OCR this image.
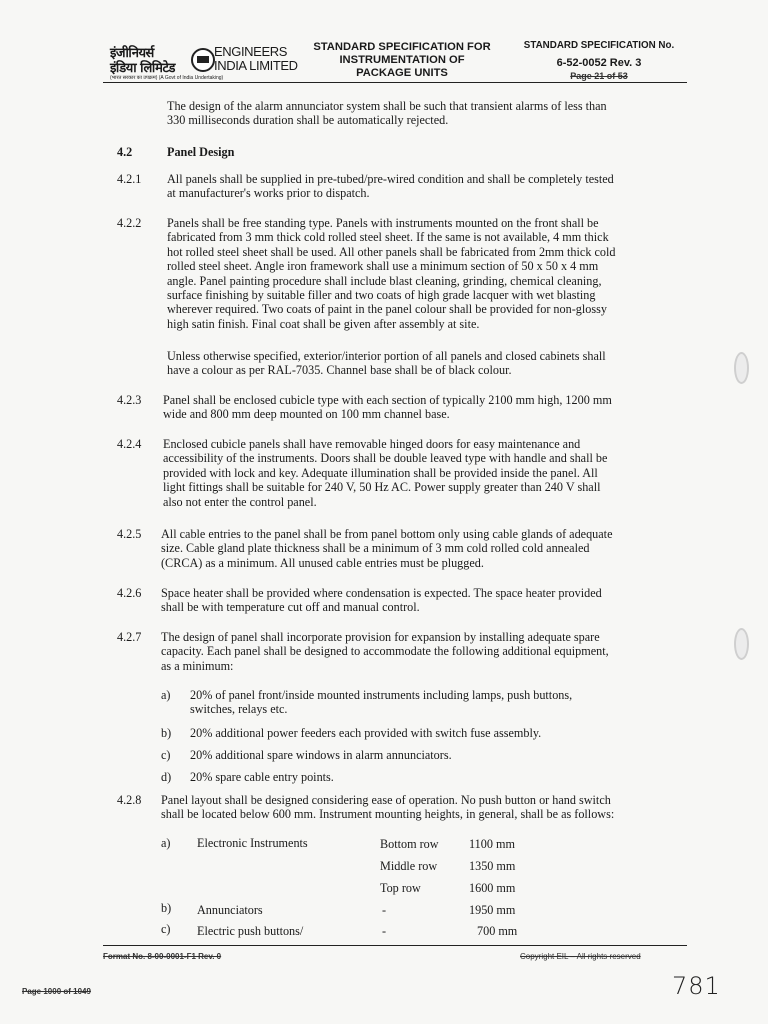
इंजीनियर्स
इंडिया लिमिटेड
ENGINEERS
INDIA LIMITED
(भारत सरकार का उपक्रम) (A Govt of India Undertaking)
STANDARD SPECIFICATION FOR
INSTRUMENTATION OF
PACKAGE UNITS
STANDARD SPECIFICATION No.
6-52-0052 Rev. 3
Page 21 of 53
The design of the alarm annunciator system shall be such that transient alarms of less than
330 milliseconds duration shall be automatically rejected.
4.2	Panel Design
4.2.1 All panels shall be supplied in pre-tubed/pre-wired condition and shall be completely tested
at manufacturer's works prior to dispatch.
4.2.2 Panels shall be free standing type. Panels with instruments mounted on the front shall be
fabricated from 3 mm thick cold rolled steel sheet. If the same is not available, 4 mm thick
hot rolled steel sheet shall be used. All other panels shall be fabricated from 2mm thick cold
rolled steel sheet. Angle iron framework shall use a minimum section of 50 x 50 x 4 mm
angle. Panel painting procedure shall include blast cleaning, grinding, chemical cleaning,
surface finishing by suitable filler and two coats of high grade lacquer with wet blasting
wherever required. Two coats of paint in the panel colour shall be provided for non-glossy
high satin finish. Final coat shall be given after assembly at site.
Unless otherwise specified, exterior/interior portion of all panels and closed cabinets shall
have a colour as per RAL-7035. Channel base shall be of black colour.
4.2.3 Panel shall be enclosed cubicle type with each section of typically 2100 mm high, 1200 mm
wide and 800 mm deep mounted on 100 mm channel base.
4.2.4 Enclosed cubicle panels shall have removable hinged doors for easy maintenance and
accessibility of the instruments. Doors shall be double leaved type with handle and shall be
provided with lock and key. Adequate illumination shall be provided inside the panel. All
light fittings shall be suitable for 240 V, 50 Hz AC. Power supply greater than 240 V shall
also not enter the control panel.
4.2.5 All cable entries to the panel shall be from panel bottom only using cable glands of adequate
size. Cable gland plate thickness shall be a minimum of 3 mm cold rolled cold annealed
(CRCA) as a minimum. All unused cable entries must be plugged.
4.2.6 Space heater shall be provided where condensation is expected. The space heater provided
shall be with temperature cut off and manual control.
4.2.7 The design of panel shall incorporate provision for expansion by installing adequate spare
capacity. Each panel shall be designed to accommodate the following additional equipment,
as a minimum:
a) 20% of panel front/inside mounted instruments including lamps, push buttons,
switches, relays etc.
b) 20% additional power feeders each provided with switch fuse assembly.
c) 20% additional spare windows in alarm annunciators.
d) 20% spare cable entry points.
4.2.8 Panel layout shall be designed considering ease of operation. No push button or hand switch
shall be located below 600 mm. Instrument mounting heights, in general, shall be as follows:
a) Electronic Instruments	Bottom row 1100 mm
Middle row	1350 mm
Top row	1600 mm
b) Annunciators	-	1950 mm
c) Electric push buttons/	-	700 mm
Format No. 8-00-0001-F1 Rev. 0	Copyright EIL – All rights reserved
Page 1000 of 1049	781
